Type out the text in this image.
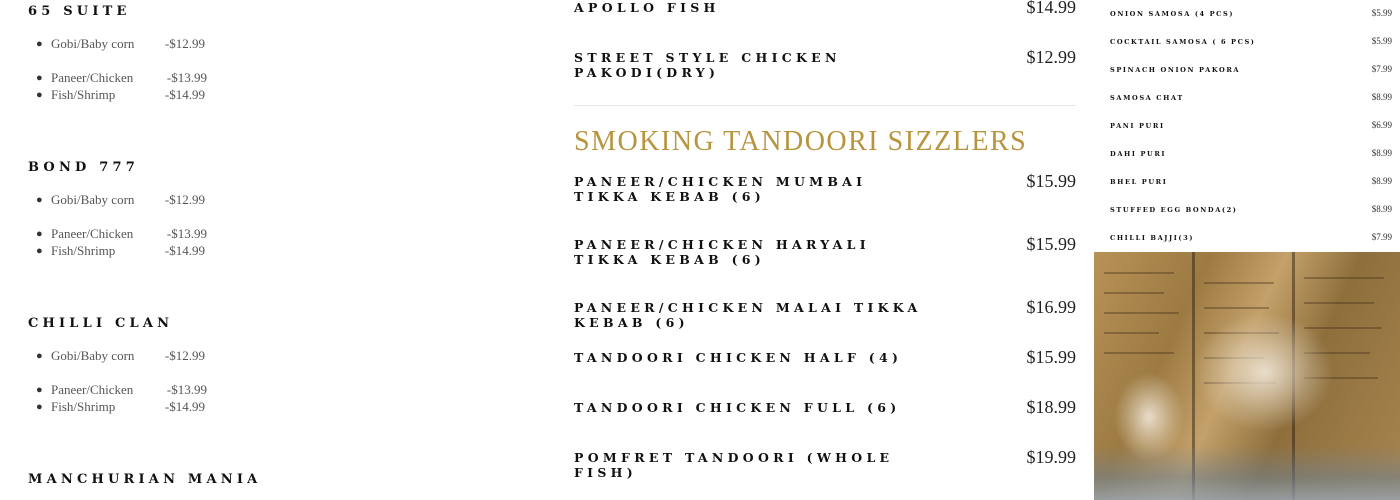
65 SUITE
● Gobi/Baby corn -$12.99
● Paneer/Chicken	-$13.99
● Fish/Shrimp	-$14.99
BOND 777
● Gobi/Baby corn -$12.99
● Paneer/Chicken	-$13.99
● Fish/Shrimp	-$14.99
CHILLI CLAN
● Gobi/Baby corn -$12.99
● Paneer/Chicken	-$13.99
● Fish/Shrimp	-$14.99
MANCHURIAN MANIA
APOLLO FISH	$14.99
STREET STYLE CHICKEN PAKODI(DRY)
$12.99
SMOKING TANDOORI SIZZLERS
PANEER/CHICKEN MUMBAI TIKKA KEBAB (6)
$15.99
PANEER/CHICKEN HARYALI TIKKA KEBAB (6)
$15.99
PANEER/CHICKEN MALAI TIKKA KEBAB (6)
$16.99
TANDOORI CHICKEN HALF (4)	$15.99
TANDOORI CHICKEN FULL (6)	$18.99
POMFRET TANDOORI (WHOLE FISH)
$19.99
ONION SAMOSA (4 PCS)	$5.99
COCKTAIL SAMOSA ( 6 PCS)	$5.99
SPINACH ONION PAKORA	$7.99
SAMOSA CHAT	$8.99
PANI PURI	$6.99
DAHI PURI	$8.99
BHEL PURI	$8.99
STUFFED EGG BONDA(2)	$8.99
CHILLI BAJJI(3)	$7.99
